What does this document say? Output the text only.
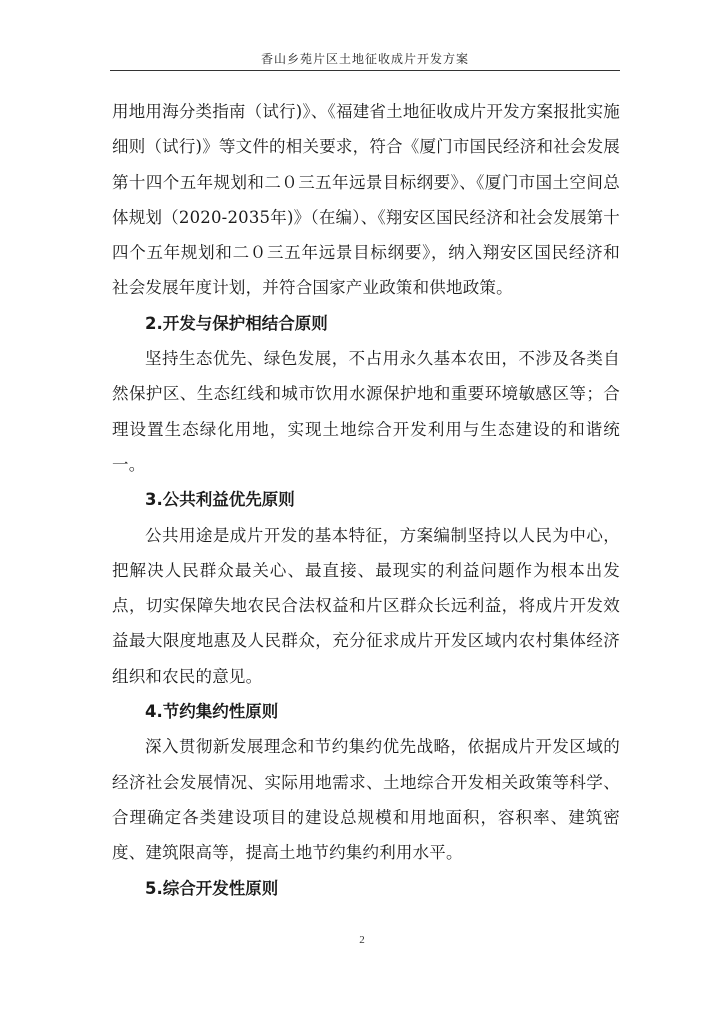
香山乡苑片区土地征收成片开发方案

用地用海分类指南（试行)》、《福建省土地征收成片开发方案报批实施细则（试行)》等文件的相关要求，符合《厦门市国民经济和社会发展第十四个五年规划和二０三五年远景目标纲要》、《厦门市国土空间总体规划（2020-2035年)》（在编）、《翔安区国民经济和社会发展第十四个五年规划和二０三五年远景目标纲要》，纳入翔安区国民经济和社会发展年度计划，并符合国家产业政策和供地政策。

2.开发与保护相结合原则

坚持生态优先、绿色发展，不占用永久基本农田，不涉及各类自然保护区、生态红线和城市饮用水源保护地和重要环境敏感区等；合理设置生态绿化用地，实现土地综合开发利用与生态建设的和谐统一。

3.公共利益优先原则

公共用途是成片开发的基本特征，方案编制坚持以人民为中心，把解决人民群众最关心、最直接、最现实的利益问题作为根本出发点，切实保障失地农民合法权益和片区群众长远利益，将成片开发效益最大限度地惠及人民群众，充分征求成片开发区域内农村集体经济组织和农民的意见。

4.节约集约性原则

深入贯彻新发展理念和节约集约优先战略，依据成片开发区域的经济社会发展情况、实际用地需求、土地综合开发相关政策等科学、合理确定各类建设项目的建设总规模和用地面积，容积率、建筑密度、建筑限高等，提高土地节约集约利用水平。

5.综合开发性原则

2
